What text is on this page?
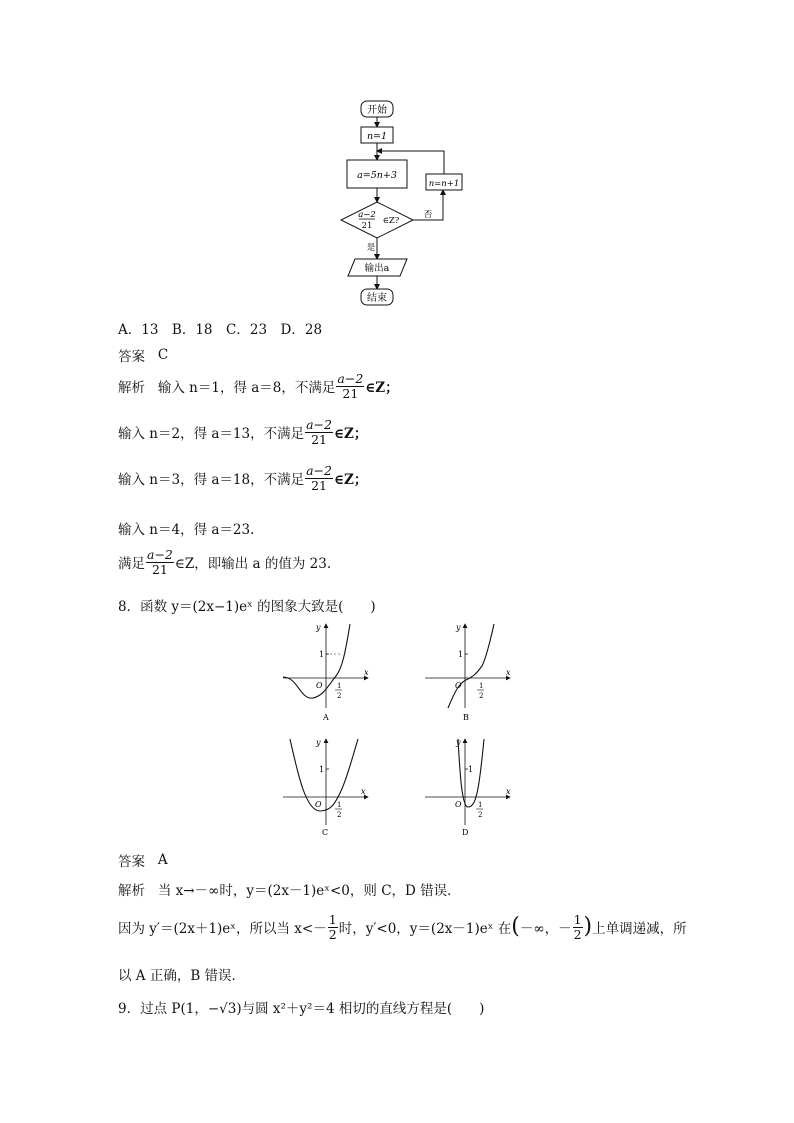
开始
n=1
a=5n+3
a−2
21 ∈Z?
否
n=n+1
是
输出a
结束
A．13　B．18　C．23　D．28
答案
C
解析
输入 n＝1，得 a＝8，不满足 $\frac{a-2}{21}$ ∈Z；
输入 n＝2，得 a＝13，不满足 $\frac{a-2}{21}$ ∈Z；
输入 n＝3，得 a＝18，不满足 $\frac{a-2}{21}$ ∈Z；
输入 n＝4，得 a＝23.
满足 $\frac{a-2}{21}$ ∈Z，即输出 a 的值为 23.
8．函数 y＝(2x−1)eˣ 的图象大致是(　　)
y
x
O
1
1
2
A
y
x
O
1
1
2
B
y
x
O
1
1
2
C
y
x
O
1
1
2
D
答案
A
解析
当 x→－∞时，y＝(2x－1)eˣ<0，则 C，D 错误．
因为 y′＝(2x＋1)eˣ，所以当 $x<- \frac{1}{2}$ 时，y′<0，y＝(2x－1)eˣ 在 ( －∞，－ $\frac{1}{2}$ ) 上单调递减，所
以 A 正确，B 错误．
9．过点 P(1，−√3)与圆 x²＋y²＝4 相切的直线方程是(　　)
